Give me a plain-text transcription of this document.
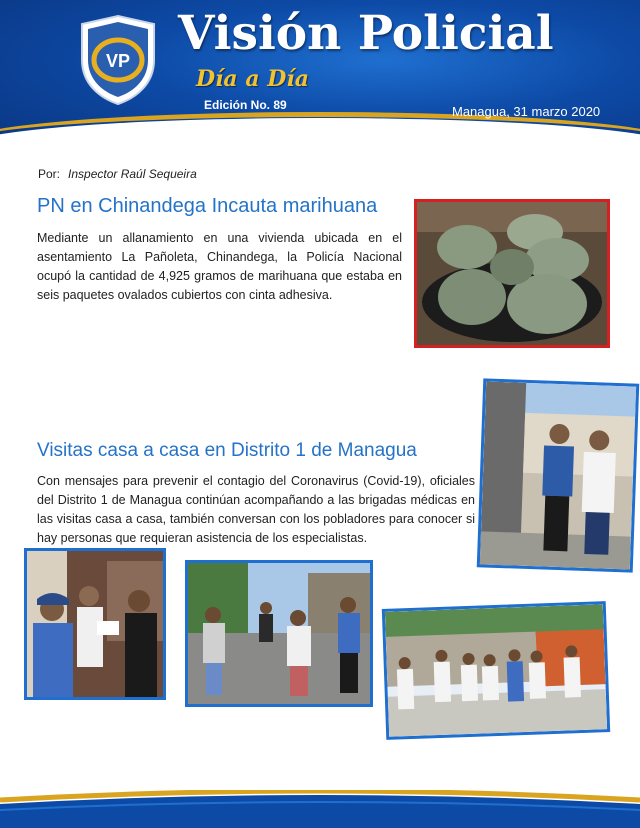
VP Visión Policial
Día a Día
Edición No. 89	Managua, 31 marzo 2020
Por: Inspector Raúl Sequeira
PN en Chinandega Incauta marihuana
Mediante un allanamiento en una vivienda ubicada en el asentamiento La Pañoleta, Chinandega, la Policía Nacional ocupó la cantidad de 4,925 gramos de marihuana que estaba en seis paquetes ovalados cubiertos con cinta adhesiva.
Visitas casa a casa en Distrito 1 de Managua
Con mensajes para prevenir el contagio del Coronavirus (Covid-19), oficiales del Distrito 1 de Managua continúan acompañando a las brigadas médicas en las visitas casa a casa, también conversan con los pobladores para conocer si hay personas que requieran asistencia de los especialistas.
